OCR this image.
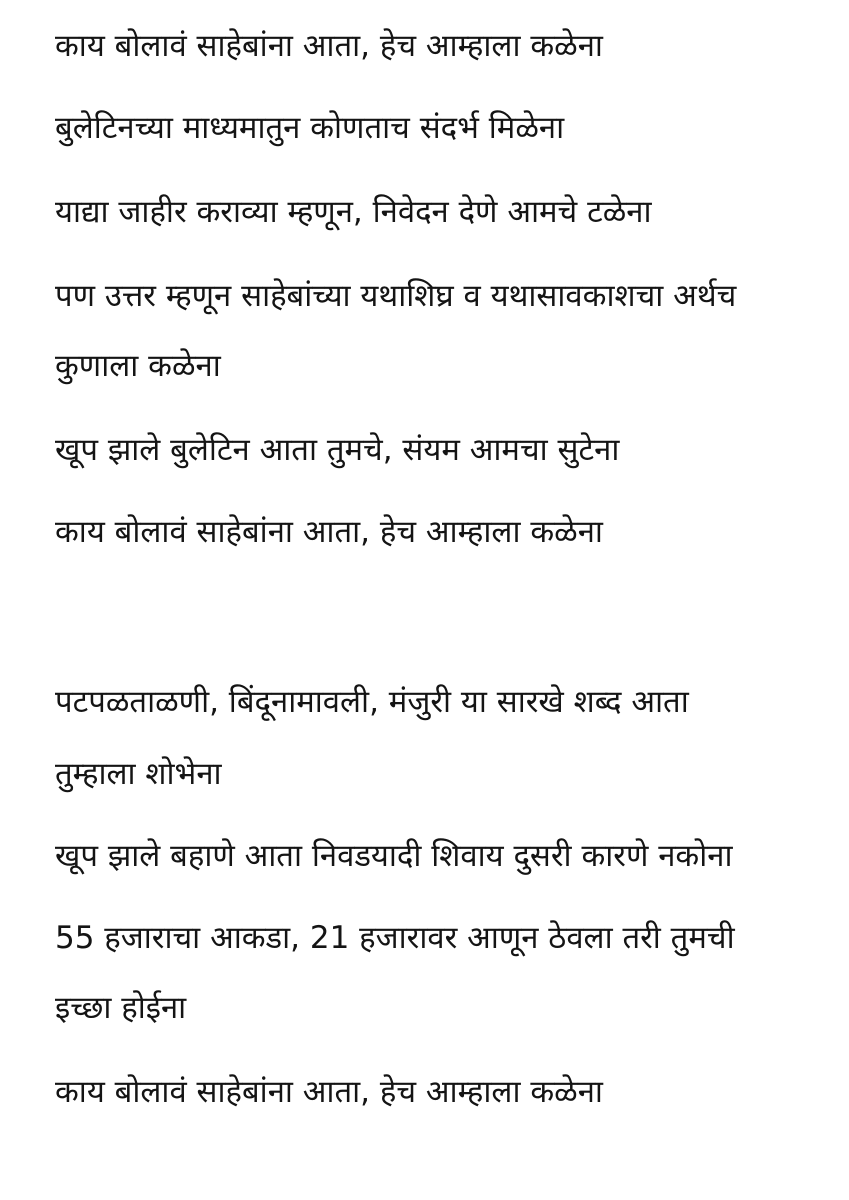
काय बोलावं साहेबांना आता, हेच आम्हाला कळेना
बुलेटिनच्या माध्यमातुन कोणताच संदर्भ मिळेना
याद्या जाहीर कराव्या म्हणून, निवेदन देणे आमचे टळेना
पण उत्तर म्हणून साहेबांच्या यथाशिघ्र व यथासावकाशचा अर्थच
कुणाला कळेना
खूप झाले बुलेटिन आता तुमचे, संयम आमचा सुटेना
काय बोलावं साहेबांना आता, हेच आम्हाला कळेना
पटपळताळणी, बिंदूनामावली, मंजुरी या सारखे शब्द आता
तुम्हाला शोभेना
खूप झाले बहाणे आता निवडयादी शिवाय दुसरी कारणे नकोना
55 हजाराचा आकडा, 21 हजारावर आणून ठेवला तरी तुमची
इच्छा होईना
काय बोलावं साहेबांना आता, हेच आम्हाला कळेना
